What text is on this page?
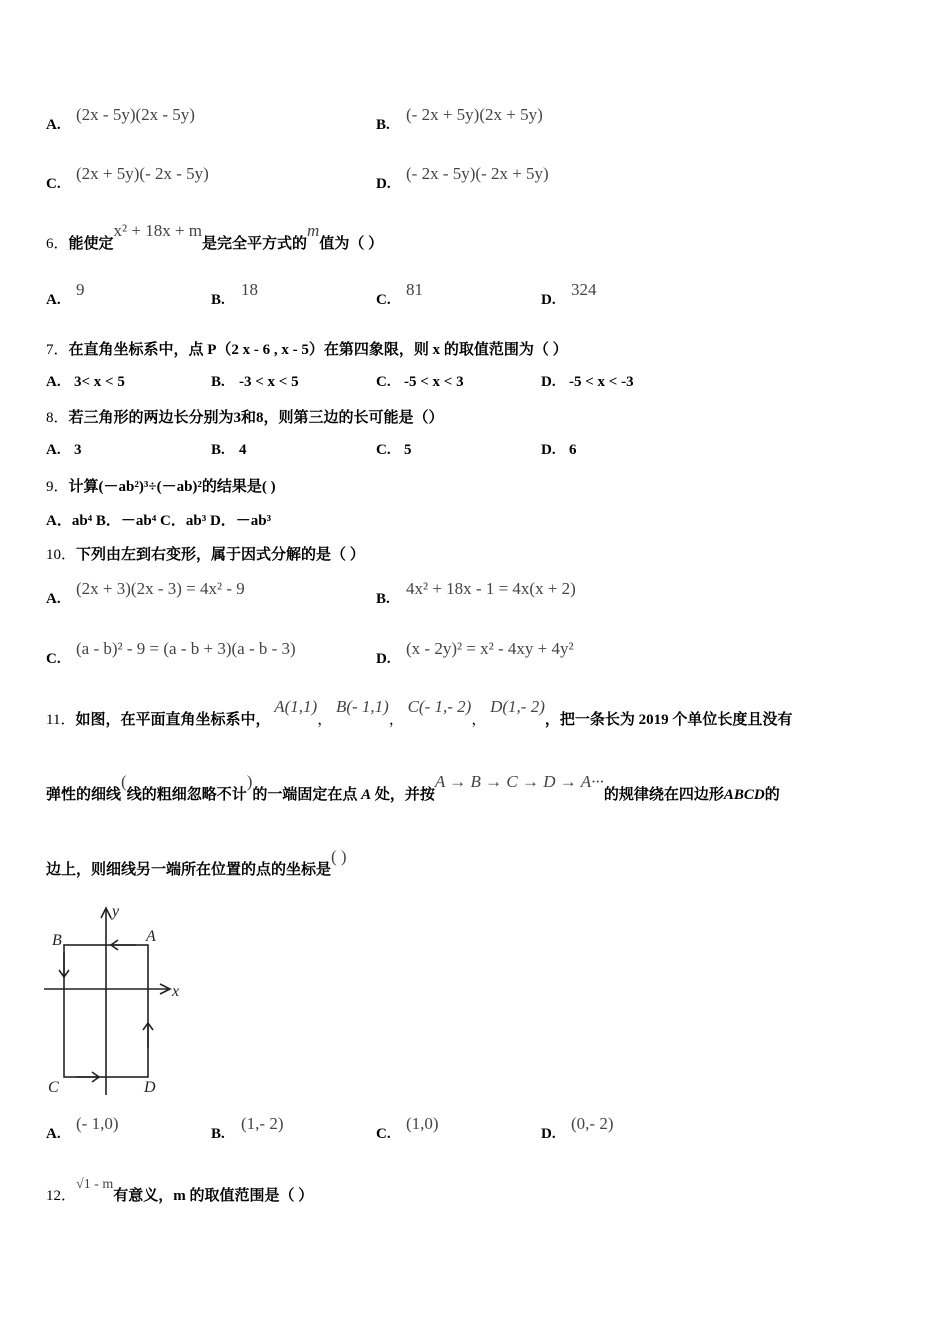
A.
(2x - 5y)(2x - 5y)
B.
(- 2x + 5y)(2x + 5y)
C.
(2x + 5y)(- 2x - 5y)
D.
(- 2x - 5y)(- 2x + 5y)
6．能使定x² + 18x + m是完全平方式的m值为（ ）
A.
9
B.
18
C.
81
D.
324
7．在直角坐标系中，点 P（2 x - 6 , x - 5）在第四象限，则 x 的取值范围为（ ）
A. 3< x < 5	B. -3 < x < 5	C. -5 < x < 3	D. -5 < x < -3
8．若三角形的两边长分别为3和8，则第三边的长可能是（）
A. 3	B. 4	C. 5	D. 6
9．计算(－ab²)³÷(－ab)²的结果是( )
A．ab⁴ B．－ab⁴ C．ab³ D．－ab³
10．下列由左到右变形，属于因式分解的是（ ）
A.
(2x + 3)(2x - 3) = 4x² - 9
B.
4x² + 18x - 1 = 4x(x + 2)
C.
(a - b)² - 9 = (a - b + 3)(a - b - 3)
D.
(x - 2y)² = x² - 4xy + 4y²
11．如图，在平面直角坐标系中， A(1,1)， B(- 1,1)， C(- 1,- 2)， D(1,- 2)，把一条长为 2019 个单位长度且没有
弹性的细线(线的粗细忽略不计)的一端固定在点 A 处，并按A → B → C → D → A···的规律绕在四边形ABCD的
边上，则细线另一端所在位置的点的坐标是( )
B	A
C	D
x
y
A.
(- 1,0)
B.
(1,- 2)
C.
(1,0)
D.
(0,- 2)
12．√1 - m有意义，m 的取值范围是（ ）
